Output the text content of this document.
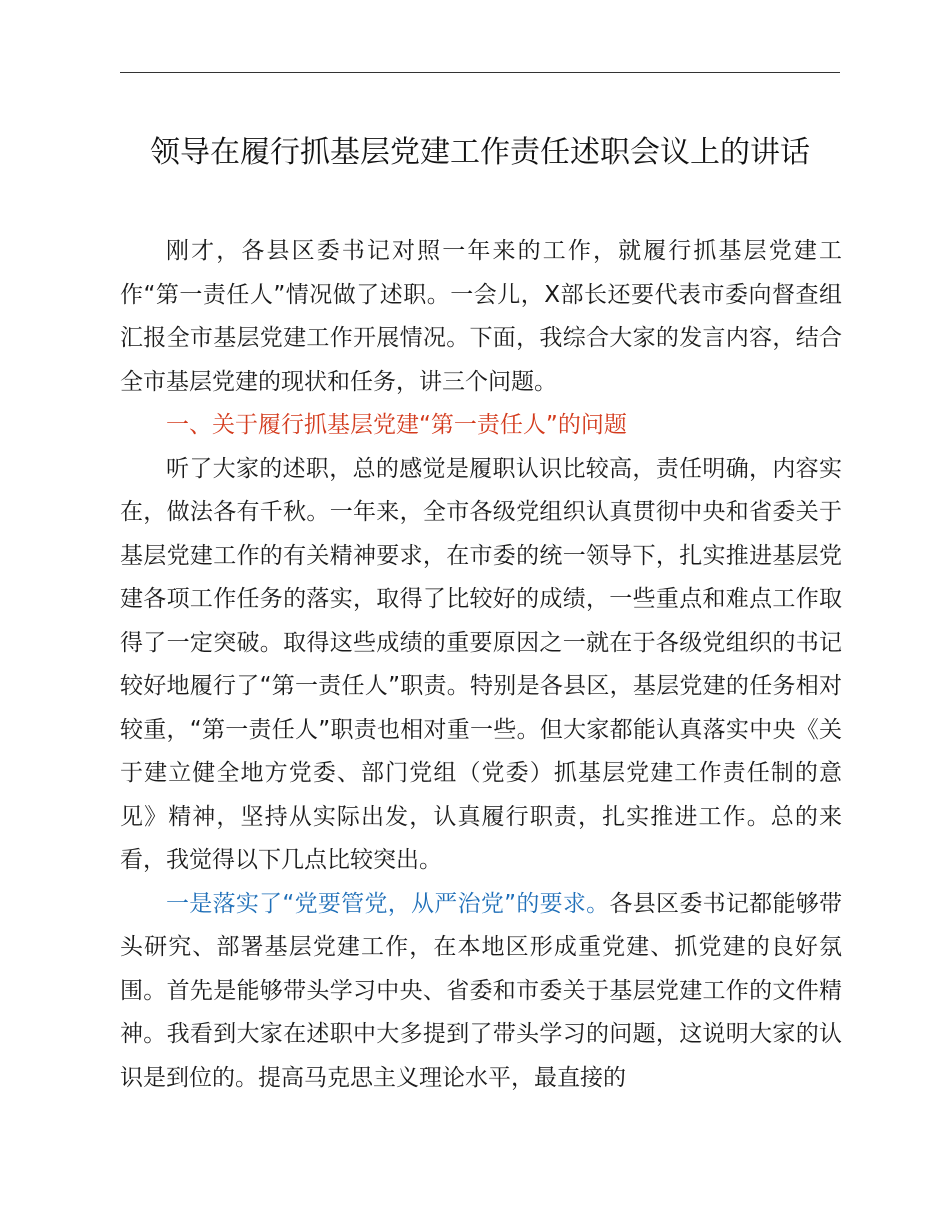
领导在履行抓基层党建工作责任述职会议上的讲话

刚才，各县区委书记对照一年来的工作，就履行抓基层党建工作“第一责任人”情况做了述职。一会儿，X部长还要代表市委向督查组汇报全市基层党建工作开展情况。下面，我综合大家的发言内容，结合全市基层党建的现状和任务，讲三个问题。

一、关于履行抓基层党建“第一责任人”的问题

听了大家的述职，总的感觉是履职认识比较高，责任明确，内容实在，做法各有千秋。一年来，全市各级党组织认真贯彻中央和省委关于基层党建工作的有关精神要求，在市委的统一领导下，扎实推进基层党建各项工作任务的落实，取得了比较好的成绩，一些重点和难点工作取得了一定突破。取得这些成绩的重要原因之一就在于各级党组织的书记较好地履行了“第一责任人”职责。特别是各县区，基层党建的任务相对较重，“第一责任人”职责也相对重一些。但大家都能认真落实中央《关于建立健全地方党委、部门党组（党委）抓基层党建工作责任制的意见》精神，坚持从实际出发，认真履行职责，扎实推进工作。总的来看，我觉得以下几点比较突出。

一是落实了“党要管党，从严治党”的要求。各县区委书记都能够带头研究、部署基层党建工作，在本地区形成重党建、抓党建的良好氛围。首先是能够带头学习中央、省委和市委关于基层党建工作的文件精神。我看到大家在述职中大多提到了带头学习的问题，这说明大家的认识是到位的。提高马克思主义理论水平，最直接的
